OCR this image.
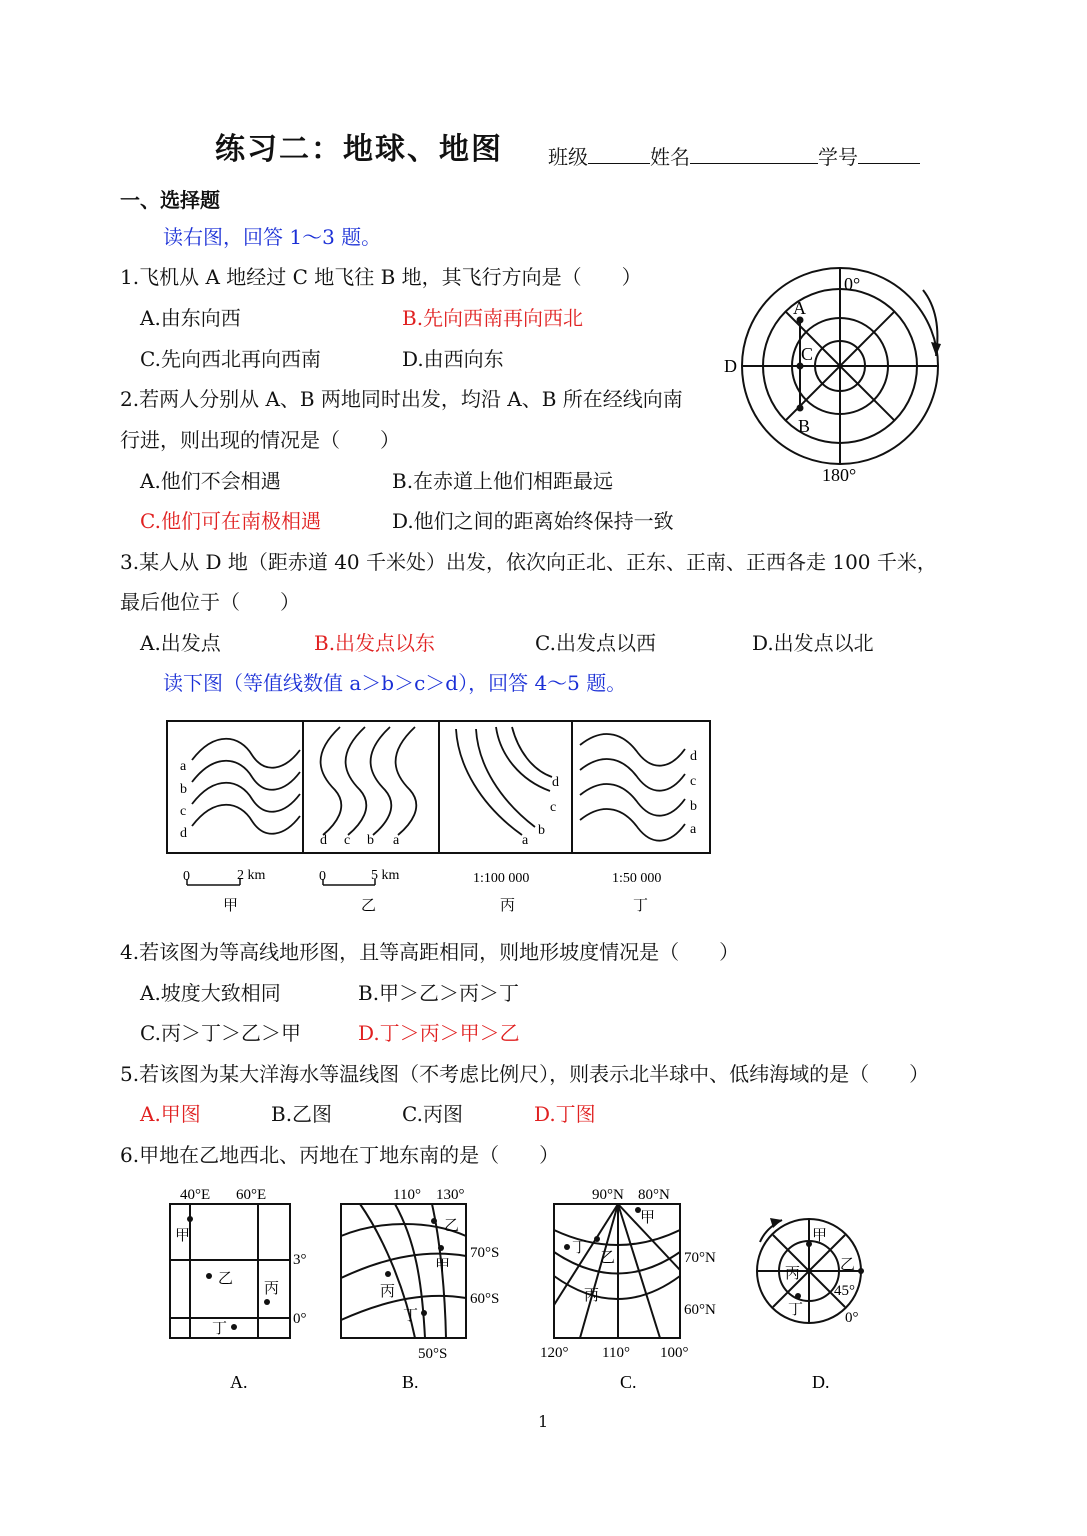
练习二：地球、地图 班级	姓名	学号
一、选择题
读右图，回答 1～3 题。
1.飞机从 A 地经过 C 地飞往 B 地，其飞行方向是（　　）
A.由东向西	B.先向西南再向西北
C.先向西北再向西南	D.由西向东
2.若两人分别从 A、B 两地同时出发，均沿 A、B 所在经线向南
行进，则出现的情况是（　　）
A.他们不会相遇	B.在赤道上他们相距最远
C.他们可在南极相遇	D.他们之间的距离始终保持一致
3.某人从 D 地（距赤道 40 千米处）出发，依次向正北、正东、正南、正西各走 100 千米，
最后他位于（　　）
A.出发点	B.出发点以东	C.出发点以西	D.出发点以北
0°
180°
A
B
C
D
读下图（等值线数值 a＞b＞c＞d），回答 4～5 题。
a
b
c
d	d c b a
d
c
a
b
d
c
b
a
0	2 km	0	5 km	1:100 000	1:50 000
甲	乙	丙	丁
4.若该图为等高线地形图，且等高距相同，则地形坡度情况是（　　）
A.坡度大致相同	B.甲＞乙＞丙＞丁
C.丙＞丁＞乙＞甲	D.丁＞丙＞甲＞乙
5.若该图为某大洋海水等温线图（不考虑比例尺），则表示北半球中、低纬海域的是（　　）
A.甲图	B.乙图	C.丙图	D.丁图
6.甲地在乙地西北、丙地在丁地东南的是（　　）
40°E 60°E
3°
0°
甲
乙
丙
丁
A.
110° 130°
70°S
60°S
50°S
乙
甲
丙
丁
B.
90°N 80°N
70°N
60°N
120° 110° 100°
甲
丁
乙
丙
C.
甲
乙
丙
丁
45°
0°
D.
1
